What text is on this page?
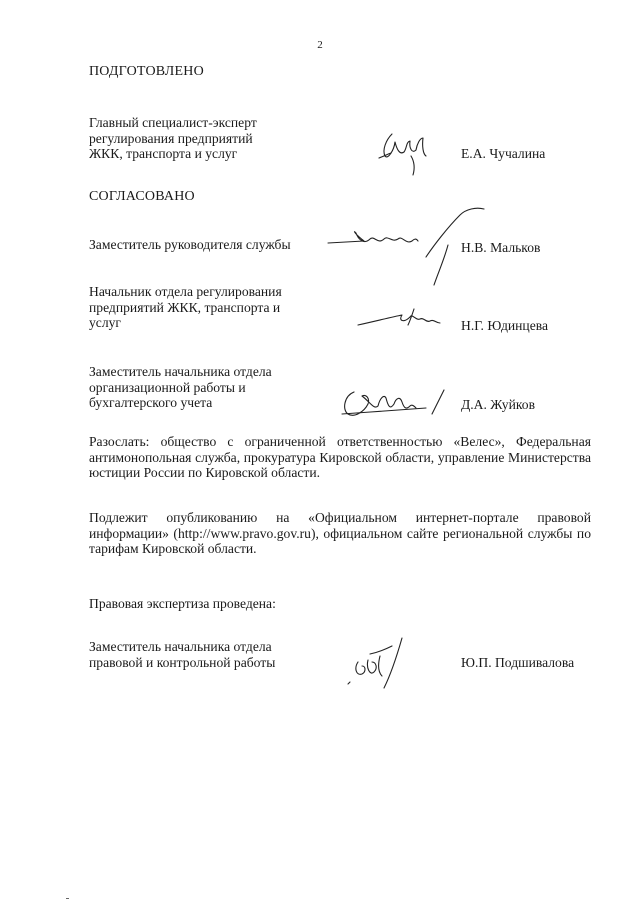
2
ПОДГОТОВЛЕНО
Главный специалист-эксперт
регулирования предприятий
ЖКК, транспорта и услуг	Е.А. Чучалина
СОГЛАСОВАНО
Заместитель руководителя службы	Н.В. Мальков
Начальник отдела регулирования
предприятий ЖКК, транспорта и
услуг	Н.Г. Юдинцева
Заместитель начальника отдела
организационной работы и
бухгалтерского учета	Д.А. Жуйков
Разослать: общество с ограниченной ответственностью «Велес», Федеральная антимонопольная служба, прокуратура Кировской области, управление Министерства юстиции России по Кировской области.
Подлежит опубликованию на «Официальном интернет-портале правовой информации» (http://www.pravo.gov.ru), официальном сайте региональной службы по тарифам Кировской области.
Правовая экспертиза проведена:
Заместитель начальника отдела
правовой и контрольной работы	Ю.П. Подшивалова
